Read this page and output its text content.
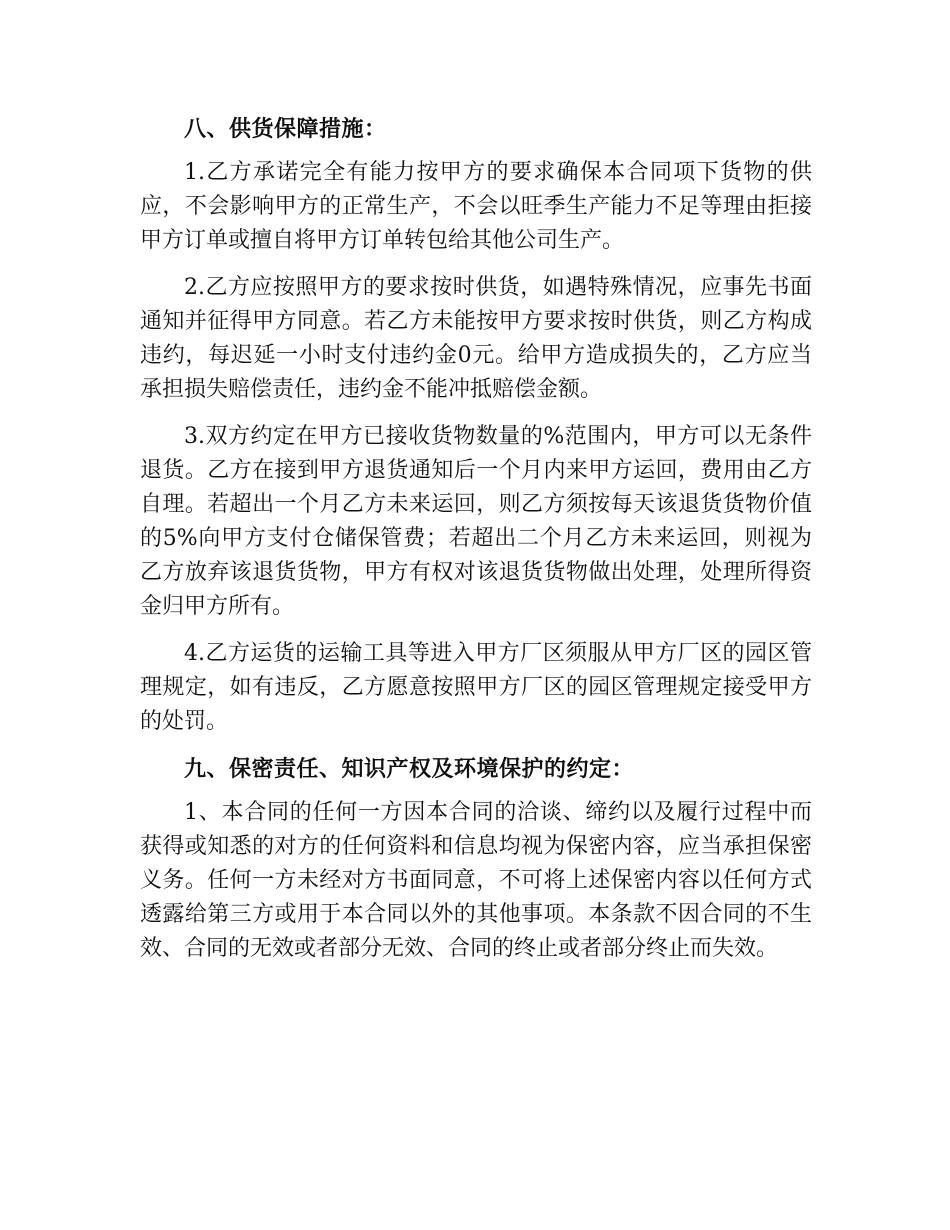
八、供货保障措施：

1.乙方承诺完全有能力按甲方的要求确保本合同项下货物的供应，不会影响甲方的正常生产，不会以旺季生产能力不足等理由拒接甲方订单或擅自将甲方订单转包给其他公司生产。

2.乙方应按照甲方的要求按时供货，如遇特殊情况，应事先书面通知并征得甲方同意。若乙方未能按甲方要求按时供货，则乙方构成违约，每迟延一小时支付违约金0元。给甲方造成损失的，乙方应当承担损失赔偿责任，违约金不能冲抵赔偿金额。

3.双方约定在甲方已接收货物数量的%范围内，甲方可以无条件退货。乙方在接到甲方退货通知后一个月内来甲方运回，费用由乙方自理。若超出一个月乙方未来运回，则乙方须按每天该退货货物价值的5%向甲方支付仓储保管费；若超出二个月乙方未来运回，则视为乙方放弃该退货货物，甲方有权对该退货货物做出处理，处理所得资金归甲方所有。

4.乙方运货的运输工具等进入甲方厂区须服从甲方厂区的园区管理规定，如有违反，乙方愿意按照甲方厂区的园区管理规定接受甲方的处罚。

九、保密责任、知识产权及环境保护的约定：

1、本合同的任何一方因本合同的洽谈、缔约以及履行过程中而获得或知悉的对方的任何资料和信息均视为保密内容，应当承担保密义务。任何一方未经对方书面同意，不可将上述保密内容以任何方式透露给第三方或用于本合同以外的其他事项。本条款不因合同的不生效、合同的无效或者部分无效、合同的终止或者部分终止而失效。
